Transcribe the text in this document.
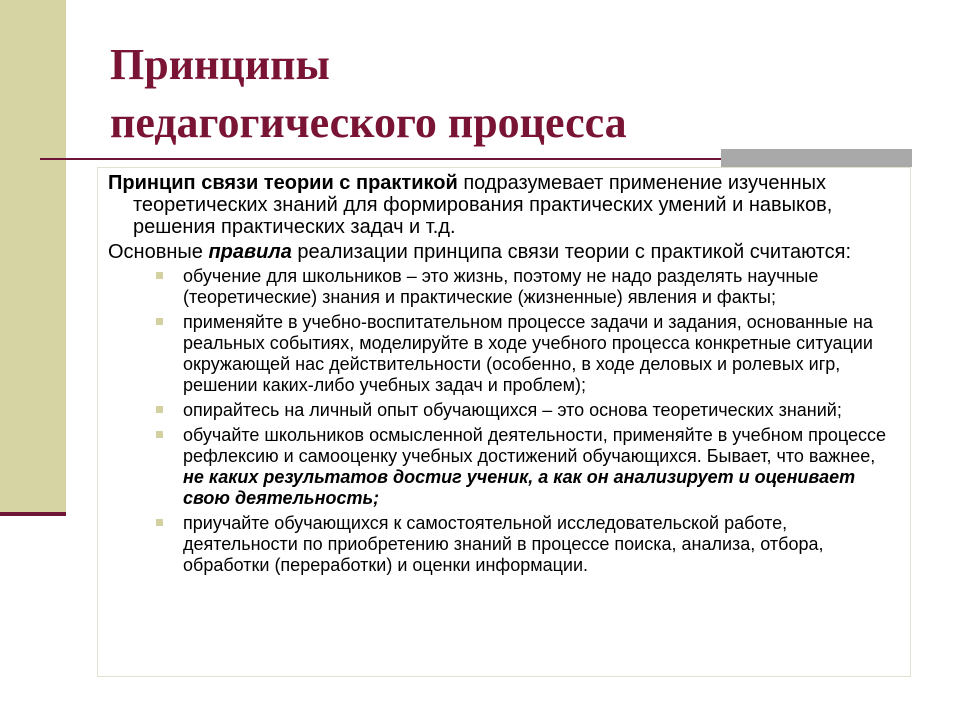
Принципы
педагогического процесса

Принцип связи теории с практикой подразумевает применение изученных теоретических знаний для формирования практических умений и навыков, решения практических задач и т.д.

Основные правила реализации принципа связи теории с практикой считаются:

обучение для школьников – это жизнь, поэтому не надо разделять научные (теоретические) знания и практические (жизненные) явления и факты;
применяйте в учебно-воспитательном процессе задачи и задания, основанные на реальных событиях, моделируйте в ходе учебного процесса конкретные ситуации окружающей нас действительности (особенно, в ходе деловых и ролевых игр, решении каких-либо учебных задач и проблем);
опирайтесь на личный опыт обучающихся – это основа теоретических знаний;
обучайте школьников осмысленной деятельности, применяйте в учебном процессе рефлексию и самооценку учебных достижений обучающихся. Бывает, что важнее, не каких результатов достиг ученик, а как он анализирует и оценивает свою деятельность;
приучайте обучающихся к самостоятельной исследовательской работе, деятельности по приобретению знаний в процессе поиска, анализа, отбора, обработки (переработки) и оценки информации.
